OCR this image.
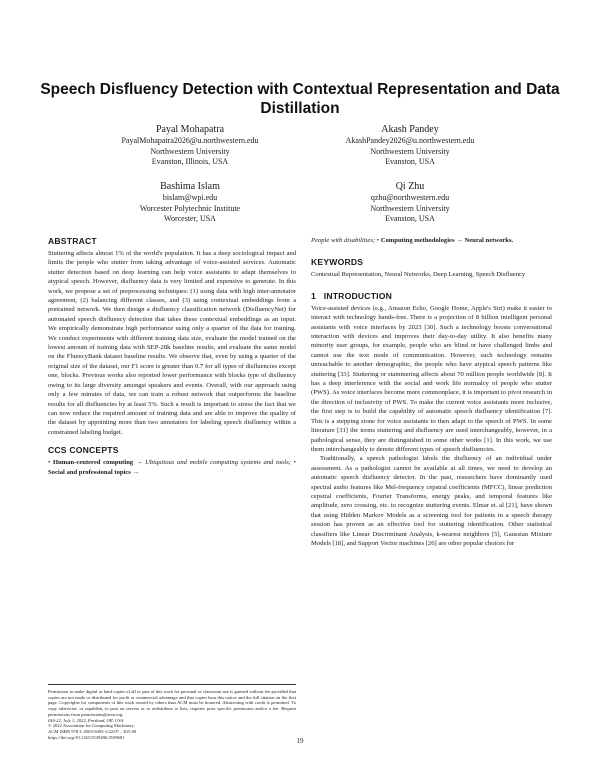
Speech Disfluency Detection with Contextual Representation and Data Distillation
Payal Mohapatra
PayalMohapatra2026@u.northwestern.edu
Northwestern University
Evanston, Illinois, USA
Akash Pandey
AkashPandey2026@u.northwestern.edu
Northwestern University
Evanston, USA
Bashima Islam
bislam@wpi.edu
Worcester Polytechnic Institute
Worcester, USA
Qi Zhu
qzhu@northwestern.edu
Northwestern University
Evanston, USA
ABSTRACT

Stuttering affects almost 1% of the world's population. It has a deep sociological impact and limits the people who stutter from taking advantage of voice-assisted services. Automatic stutter detection based on deep learning can help voice assistants to adapt themselves to atypical speech. However, disfluency data is very limited and expensive to generate. In this work, we propose a set of preprocessing techniques: (1) using data with high inter-annotator agreement, (2) balancing different classes, and (3) using contextual embeddings from a pretrained network. We then design a disfluency classification network (DisfluencyNet) for automated speech disfluency detection that takes these contextual embeddings as an input. We empirically demonstrate high performance using only a quarter of the data for training. We conduct experiments with different training data size, evaluate the model trained on the lowest amount of training data with SEP-28k baseline results, and evaluate the same model on the FluencyBank dataset baseline results. We observe that, even by using a quarter of the original size of the dataset, our F1 score is greater than 0.7 for all types of disfluencies except one, blocks. Previous works also reported lower performance with blocks type of disfluency owing to its large diversity amongst speakers and events. Overall, with our approach using only a few minutes of data, we can train a robust network that outperforms the baseline results for all disfluencies by at least 5%. Such a result is important to stress the fact that we can now reduce the required amount of training data and are able to improve the quality of the dataset by appointing more than two annotators for labeling speech disfluency within a constrained labeling budget.

CCS CONCEPTS

• Human-centered computing → Ubiquitous and mobile computing systems and tools; • Social and professional topics →

Permission to make digital or hard copies of all or part of this work for personal or classroom use is granted without fee provided that copies are not made or distributed for profit or commercial advantage and that copies bear this notice and the full citation on the first page. Copyrights for components of this work owned by others than ACM must be honored. Abstracting with credit is permitted. To copy otherwise, or republish, to post on servers or to redistribute to lists, requires prior specific permission and/or a fee. Request permissions from permissions@acm.org.

IAS-22, July 1, 2022, Portland, OR, USA

© 2022 Association for Computing Machinery.

ACM ISBN 978-1-4503-9403-1/22/07... $15.00

https://doi.org/10.1145/3539490.3539601

People with disabilities; • Computing methodologies → Neural networks.

KEYWORDS

Contextual Representation, Neural Networks, Deep Learning, Speech Disfluency

1   INTRODUCTION

Voice-assisted devices (e.g., Amazon Echo, Google Home, Apple's Siri) make it easier to interact with technology hands-free. There is a projection of 8 billion intelligent personal assistants with voice interfaces by 2023 [30]. Such a technology boosts conversational interaction with devices and improves their day-to-day utility. It also benefits many minority user groups, for example, people who are blind or have challenged limbs and cannot use the text mode of communication. However, such technology remains unreachable to another demographic, the people who have atypical speech patterns like stuttering [33]. Stuttering or stammering affects about 70 million people worldwide [8]. It has a deep interference with the social and work life normalcy of people who stutter (PWS). As voice interfaces become more commonplace, it is important to pivot research in the direction of inclusivity of PWS. To make the current voice assistants more inclusive, the first step is to build the capability of automatic speech disfluency identification [7]. This is a stepping stone for voice assistants to then adapt to the speech of PWS. In some literature [31] the terms stuttering and disfluency are used interchangeably, however, in a pathological sense, they are distinguished in some other works [1]. In this work, we use them interchangeably to denote different types of speech disfluencies.

Traditionally, a speech pathologist labels the disfluency of an individual under assessment. As a pathologist cannot be available at all times, we need to develop an automatic speech disfluency detector. In the past, researchers have dominantly used spectral audio features like Mel-frequency cepstral coefficients (MFCC), linear prediction cepstral coefficients, Fourier Transforms, energy peaks, and temporal features like amplitude, zero crossing, etc. to recognize stuttering events. Elmar et. al [21], have shown that using Hidden Markov Models as a screening tool for patients in a speech therapy session has proven as an effective tool for stuttering identification. Other statistical classifiers like Linear Discriminant Analysis, k-nearest neighbors [5], Gaussian Mixture Models [18], and Support Vector machines [26] are other popular choices for

19
